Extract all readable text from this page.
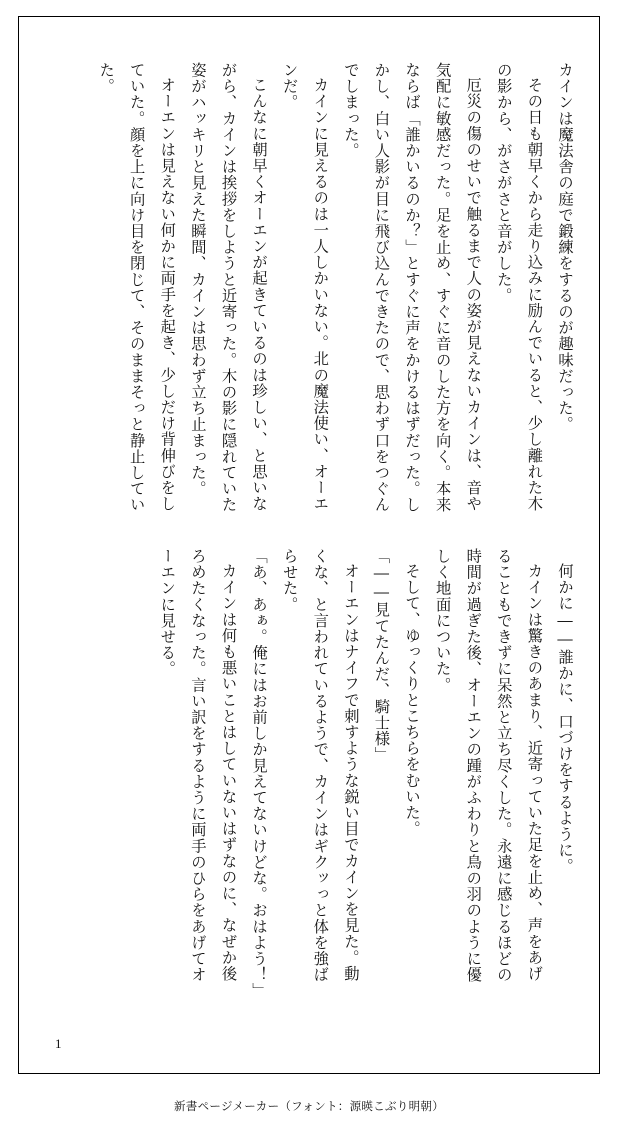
カインは魔法舎の庭で鍛練をするのが趣味だった。

その日も朝早くから走り込みに励んでいると、少し離れた木の影から、がさがさと音がした。

厄災の傷のせいで触るまで人の姿が見えないカインは、音や気配に敏感だった。足を止め、すぐに音のした方を向く。本来ならば「誰かいるのか？」とすぐに声をかけるはずだった。しかし、白い人影が目に飛び込んできたので、思わず口をつぐんでしまった。

カインに見えるのは一人しかいない。北の魔法使い、オーエンだ。

こんなに朝早くオーエンが起きているのは珍しい、と思いながら、カインは挨拶をしようと近寄った。木の影に隠れていた姿がハッキリと見えた瞬間、カインは思わず立ち止まった。

オーエンは見えない何かに両手を起き、少しだけ背伸びをしていた。顔を上に向け目を閉じて、そのままそっと静止していた。

何かに――誰かに、口づけをするように。

カインは驚きのあまり、近寄っていた足を止め、声をあげることもできずに呆然と立ち尽くした。永遠に感じるほどの時間が過ぎた後、オーエンの踵がふわりと鳥の羽のように優しく地面についた。

そして、ゆっくりとこちらをむいた。

「――見てたんだ、騎士様」

オーエンはナイフで刺すような鋭い目でカインを見た。動くな、と言われているようで、カインはギクッっと体を強ばらせた。

「あ、あぁ。俺にはお前しか見えてないけどな。おはよう！」

カインは何も悪いことはしていないはずなのに、なぜか後ろめたくなった。言い訳をするように両手のひらをあげてオーエンに見せる。

1
新書ページメーカー（フォント：源暎こぶり明朝）
